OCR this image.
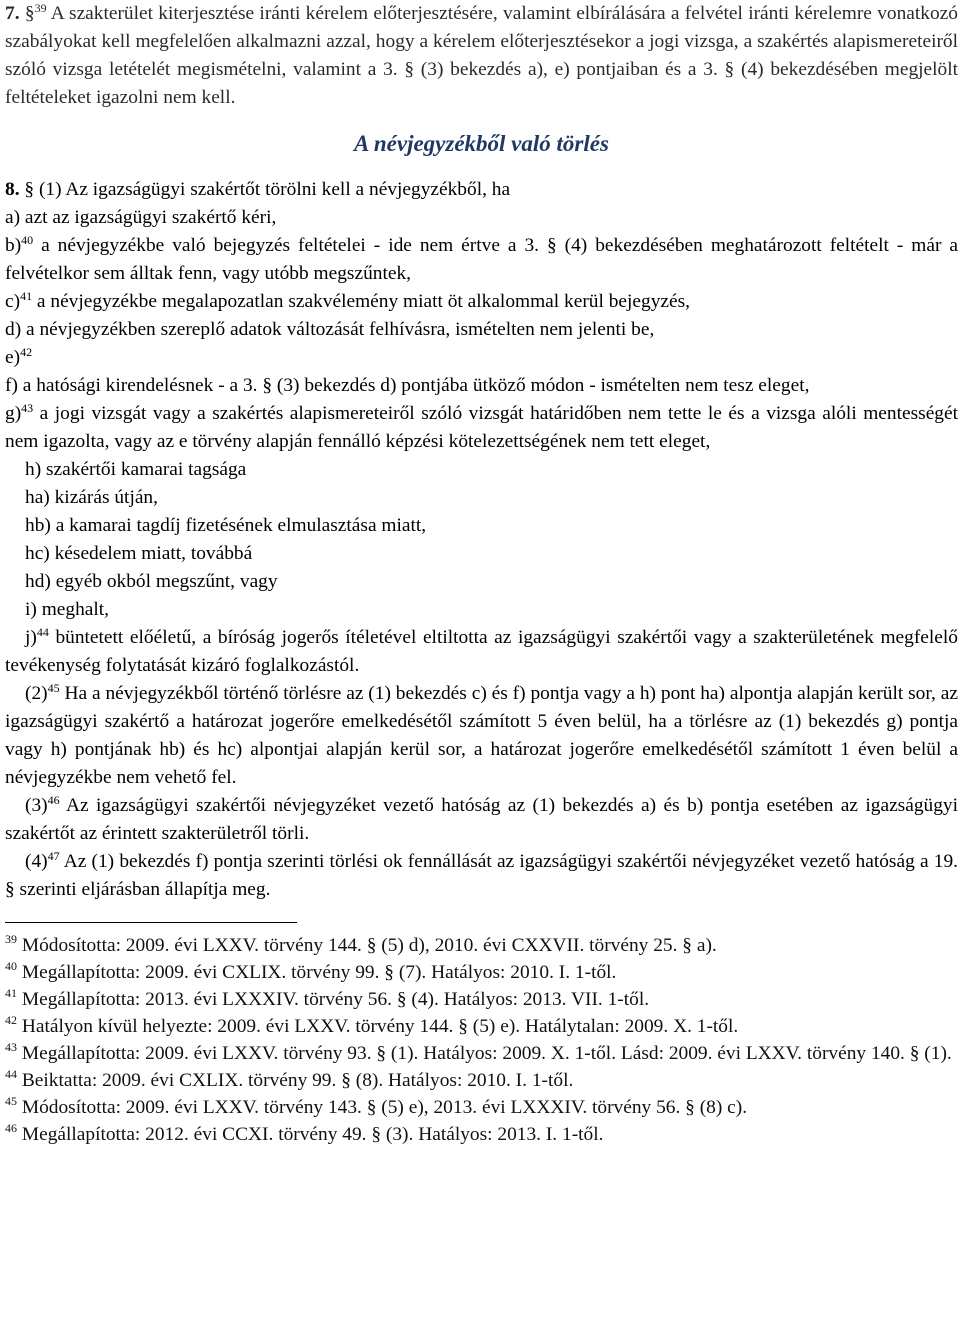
7. §$^{39}$ A szakterület kiterjesztése iránti kérelem előterjesztésére, valamint elbírálására a felvétel iránti kérelemre vonatkozó szabályokat kell megfelelően alkalmazni azzal, hogy a kérelem előterjesztésekor a jogi vizsga, a szakértés alapismereteiről szóló vizsga letételét megismételni, valamint a 3. § (3) bekezdés a), e) pontjaiban és a 3. § (4) bekezdésében megjelölt feltételeket igazolni nem kell.

A névjegyzékből való törlés

8. § (1) Az igazságügyi szakértőt törölni kell a névjegyzékből, ha

a) azt az igazságügyi szakértő kéri,

b)$^{40}$ a névjegyzékbe való bejegyzés feltételei - ide nem értve a 3. § (4) bekezdésében meghatározott feltételt - már a felvételkor sem álltak fenn, vagy utóbb megszűntek,

c)$^{41}$ a névjegyzékbe megalapozatlan szakvélemény miatt öt alkalommal kerül bejegyzés,

d) a névjegyzékben szereplő adatok változását felhívásra, ismételten nem jelenti be,

e)$^{42}$

f) a hatósági kirendelésnek - a 3. § (3) bekezdés d) pontjába ütköző módon - ismételten nem tesz eleget,

g)$^{43}$ a jogi vizsgát vagy a szakértés alapismereteiről szóló vizsgát határidőben nem tette le és a vizsga alóli mentességét nem igazolta, vagy az e törvény alapján fennálló képzési kötelezettségének nem tett eleget,

h) szakértői kamarai tagsága

ha) kizárás útján,

hb) a kamarai tagdíj fizetésének elmulasztása miatt,

hc) késedelem miatt, továbbá

hd) egyéb okból megszűnt, vagy

i) meghalt,

j)$^{44}$ büntetett előéletű, a bíróság jogerős ítéletével eltiltotta az igazságügyi szakértői vagy a szakterületének megfelelő tevékenység folytatását kizáró foglalkozástól.

$(2)^{45}$ Ha a névjegyzékből történő törlésre az (1) bekezdés c) és f) pontja vagy a h) pont ha) alpontja alapján került sor, az igazságügyi szakértő a határozat jogerőre emelkedésétől számított 5 éven belül, ha a törlésre az (1) bekezdés g) pontja vagy h) pontjának hb) és hc) alpontjai alapján kerül sor, a határozat jogerőre emelkedésétől számított 1 éven belül a névjegyzékbe nem vehető fel.

$(3)^{46}$ Az igazságügyi szakértői névjegyzéket vezető hatóság az (1) bekezdés a) és b) pontja esetében az igazságügyi szakértőt az érintett szakterületről törli.

$(4)^{47}$ Az (1) bekezdés f) pontja szerinti törlési ok fennállását az igazságügyi szakértői névjegyzéket vezető hatóság a 19. § szerinti eljárásban állapítja meg.

$^{39}$ Módosította: 2009. évi LXXV. törvény 144. § (5) d), 2010. évi CXXVII. törvény 25. § a).

$^{40}$ Megállapította: 2009. évi CXLIX. törvény 99. § (7). Hatályos: 2010. I. 1-től.

$^{41}$ Megállapította: 2013. évi LXXXIV. törvény 56. § (4). Hatályos: 2013. VII. 1-től.

$^{42}$ Hatályon kívül helyezte: 2009. évi LXXV. törvény 144. § (5) e). Hatálytalan: 2009. X. 1-től.

$^{43}$ Megállapította: 2009. évi LXXV. törvény 93. § (1). Hatályos: 2009. X. 1-től. Lásd: 2009. évi LXXV. törvény 140. § (1).

$^{44}$ Beiktatta: 2009. évi CXLIX. törvény 99. § (8). Hatályos: 2010. I. 1-től.

$^{45}$ Módosította: 2009. évi LXXV. törvény 143. § (5) e), 2013. évi LXXXIV. törvény 56. § (8) c).

$^{46}$ Megállapította: 2012. évi CCXI. törvény 49. § (3). Hatályos: 2013. I. 1-től.
